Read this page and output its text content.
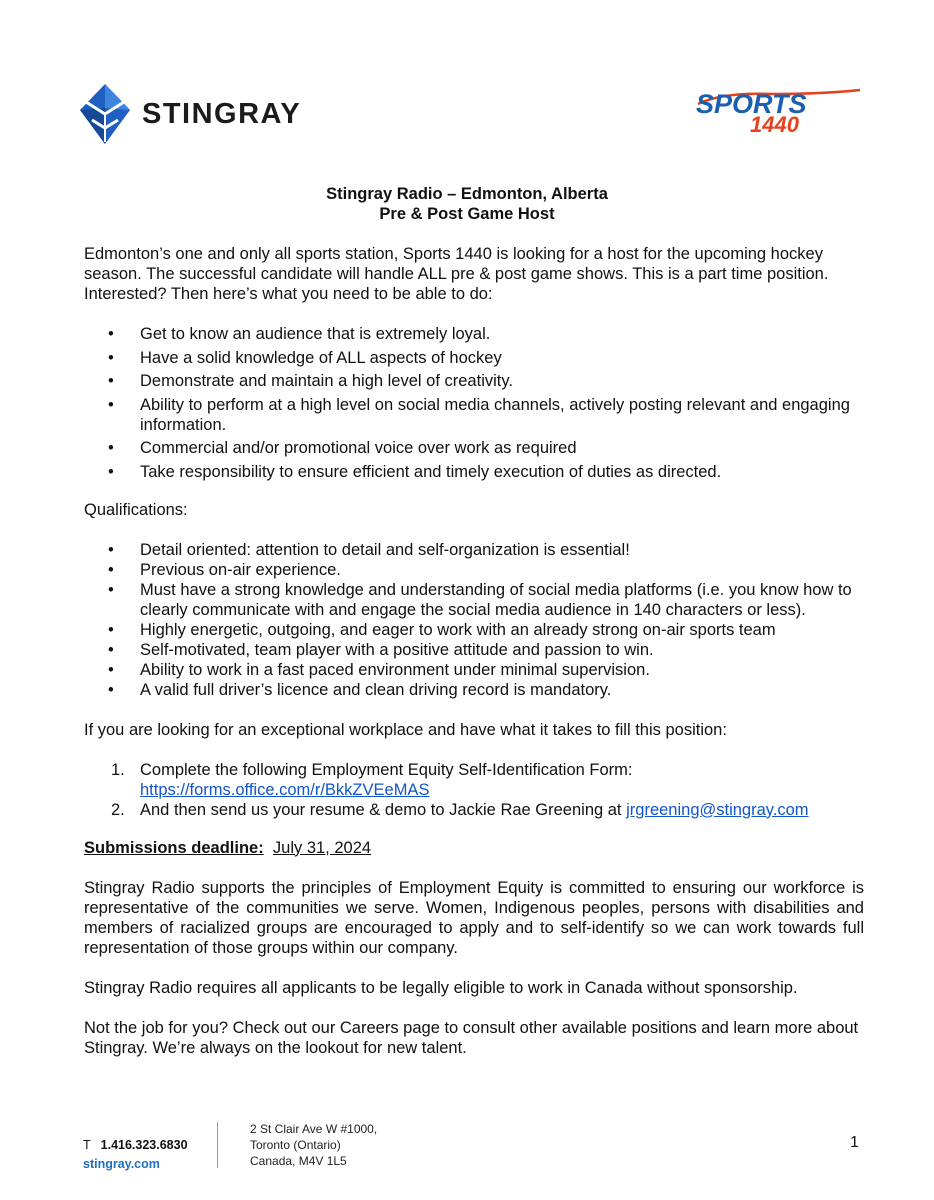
STINGRAY	SPORTS
1440
Stingray Radio – Edmonton, Alberta
Pre & Post Game Host

Edmonton’s one and only all sports station, Sports 1440 is looking for a host for the upcoming hockey season. The successful candidate will handle ALL pre & post game shows. This is a part time position. Interested? Then here’s what you need to be able to do:

• Get to know an audience that is extremely loyal.
• Have a solid knowledge of ALL aspects of hockey
• Demonstrate and maintain a high level of creativity.
• Ability to perform at a high level on social media channels, actively posting relevant and engaging information.
• Commercial and/or promotional voice over work as required
• Take responsibility to ensure efficient and timely execution of duties as directed.

Qualifications:

• Detail oriented: attention to detail and self-organization is essential!
• Previous on-air experience.
• Must have a strong knowledge and understanding of social media platforms (i.e. you know how to clearly communicate with and engage the social media audience in 140 characters or less).
• Highly energetic, outgoing, and eager to work with an already strong on-air sports team
• Self-motivated, team player with a positive attitude and passion to win.
• Ability to work in a fast paced environment under minimal supervision.
• A valid full driver’s licence and clean driving record is mandatory.

If you are looking for an exceptional workplace and have what it takes to fill this position:

1. Complete the following Employment Equity Self-Identification Form:
https://forms.office.com/r/BkkZVEeMAS
2. And then send us your resume & demo to Jackie Rae Greening at jrgreening@stingray.com

Submissions deadline: July 31, 2024

Stingray Radio supports the principles of Employment Equity is committed to ensuring our workforce is representative of the communities we serve. Women, Indigenous peoples, persons with disabilities and members of racialized groups are encouraged to apply and to self-identify so we can work towards full representation of those groups within our company.

Stingray Radio requires all applicants to be legally eligible to work in Canada without sponsorship.

Not the job for you? Check out our Careers page to consult other available positions and learn more about Stingray. We’re always on the lookout for new talent.

T 1.416.323.6830
stingray.com
2 St Clair Ave W #1000,
Toronto (Ontario)
Canada, M4V 1L5
1
